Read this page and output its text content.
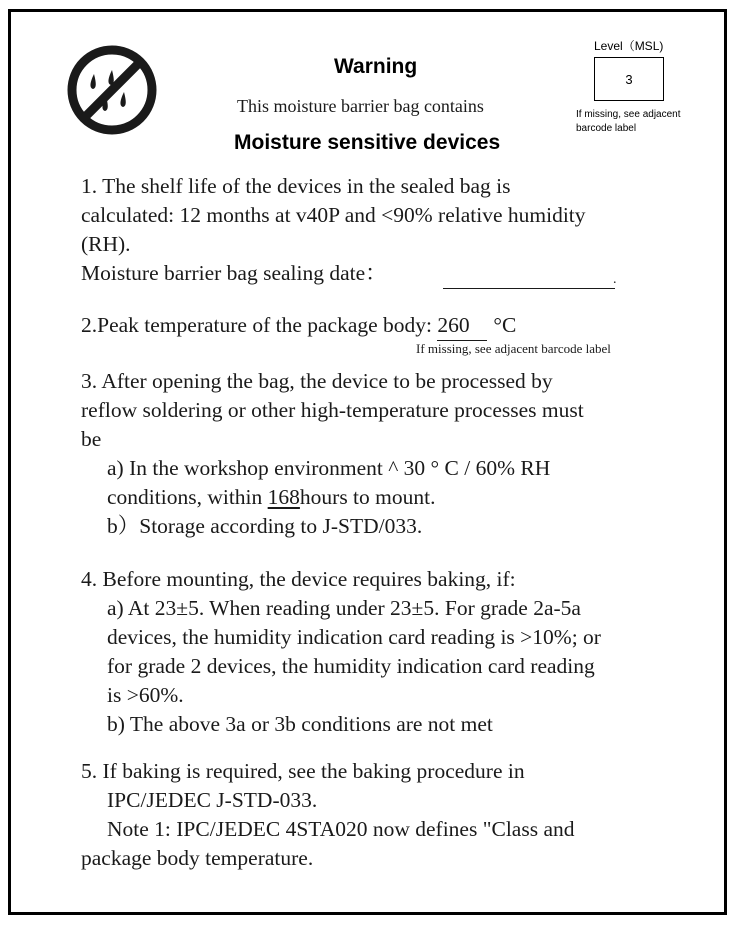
Warning
This moisture barrier bag contains
Moisture sensitive devices
Level（MSL)
3
If missing, see adjacent
barcode label
1. The shelf life of the devices in the sealed bag is
calculated: 12 months at v40P and <90% relative humidity
(RH).
Moisture barrier bag sealing date：	.
2.Peak temperature of the package body: 260 °C
If missing, see adjacent barcode label
3. After opening the bag, the device to be processed by
reflow soldering or other high-temperature processes must
be
a) In the workshop environment ^ 30 ° C / 60% RH
conditions, within 168hours to mount.
b）Storage according to J-STD/033.
4. Before mounting, the device requires baking, if:
a) At 23±5. When reading under 23±5. For grade 2a-5a
devices, the humidity indication card reading is >10%; or
for grade 2 devices, the humidity indication card reading
is >60%.
b) The above 3a or 3b conditions are not met
5. If baking is required, see the baking procedure in
IPC/JEDEC J-STD-033.
Note 1: IPC/JEDEC 4STA020 now defines "Class and
package body temperature.
